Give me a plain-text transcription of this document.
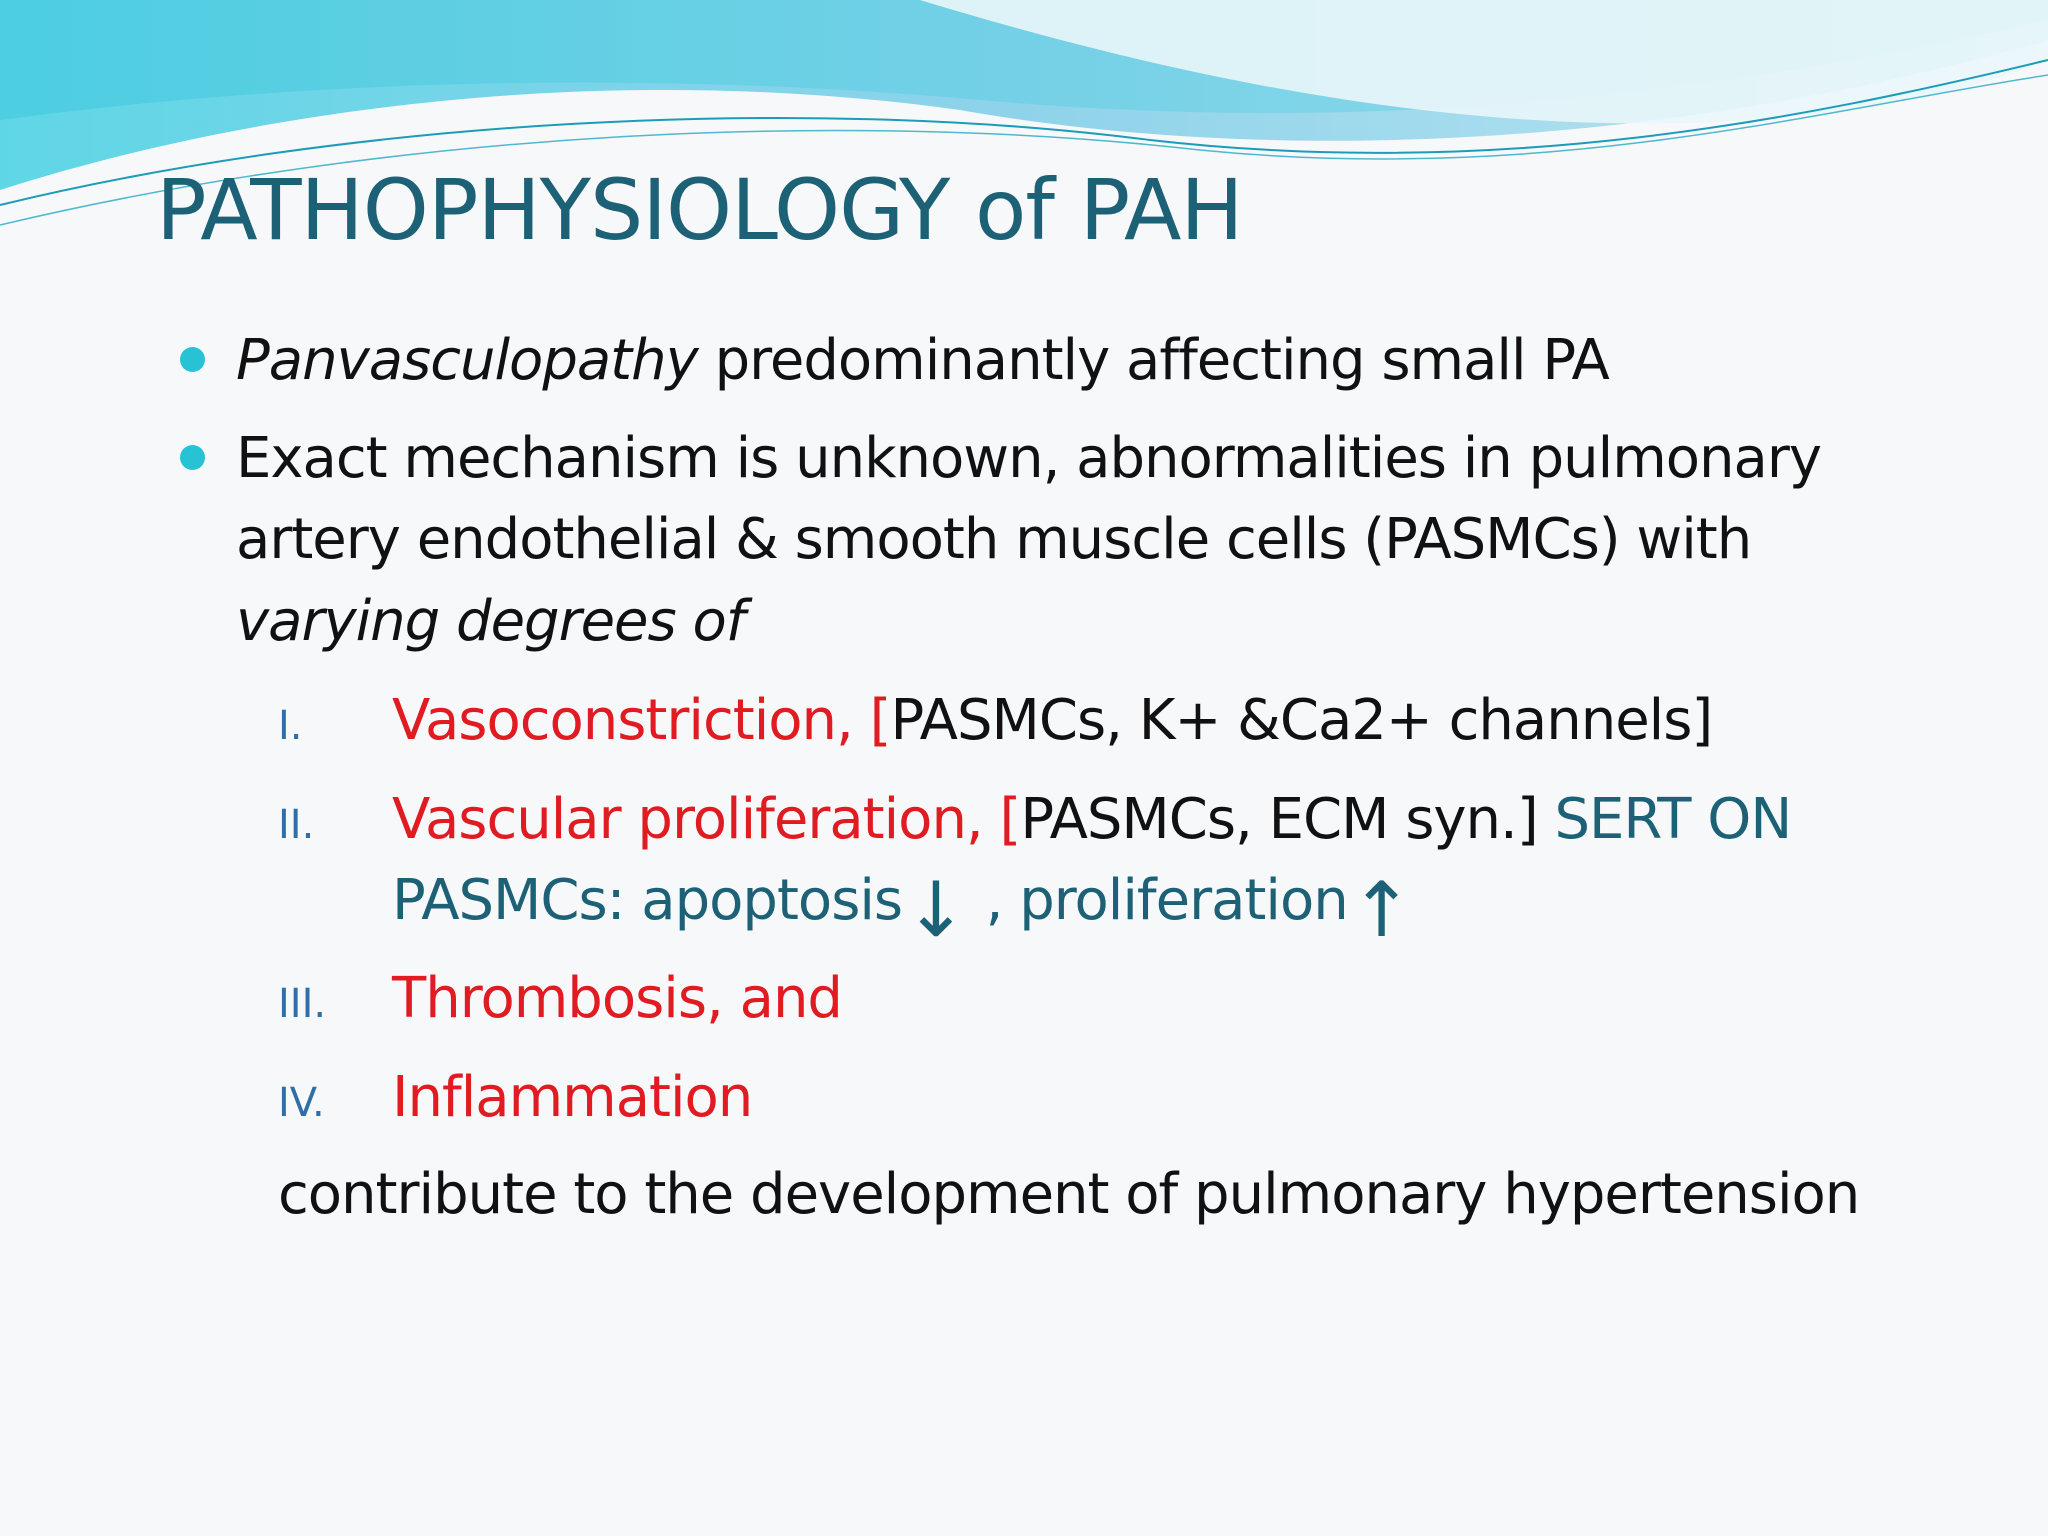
PATHOPHYSIOLOGY of PAH
Panvasculopathy predominantly affecting small PA
Exact mechanism is unknown, abnormalities in pulmonary
artery endothelial & smooth muscle cells (PASMCs) with
varying degrees of
I. Vasoconstriction, [PASMCs, K+ &Ca2+ channels]
II. Vascular proliferation, [PASMCs, ECM syn.] SERT ON
PASMCs: apoptosis↓ , proliferation↑
III. Thrombosis, and
IV. Inflammation
contribute to the development of pulmonary hypertension
